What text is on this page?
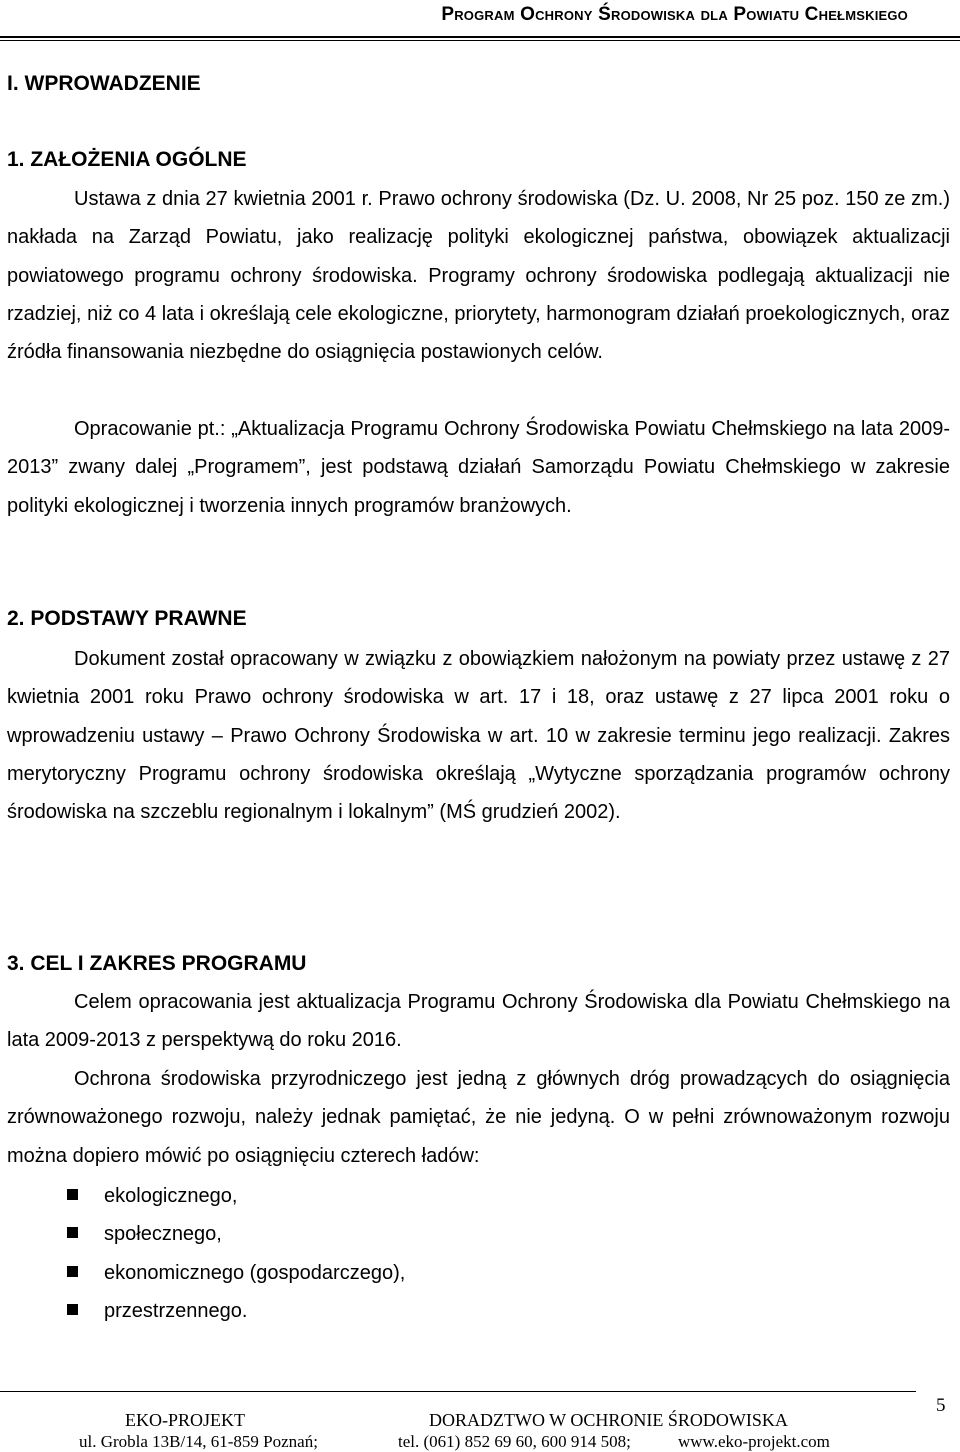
Program Ochrony Środowiska dla Powiatu Chełmskiego
I. WPROWADZENIE
1. ZAŁOŻENIA OGÓLNE

Ustawa z dnia 27 kwietnia 2001 r. Prawo ochrony środowiska (Dz. U. 2008, Nr 25 poz. 150 ze zm.) nakłada na Zarząd Powiatu, jako realizację polityki ekologicznej państwa, obowiązek aktualizacji powiatowego programu ochrony środowiska. Programy ochrony środowiska podlegają aktualizacji nie rzadziej, niż co 4 lata i określają cele ekologiczne, priorytety, harmonogram działań proekologicznych, oraz źródła finansowania niezbędne do osiągnięcia postawionych celów.

Opracowanie pt.: „Aktualizacja Programu Ochrony Środowiska Powiatu Chełmskiego na lata 2009-2013” zwany dalej „Programem”, jest podstawą działań Samorządu Powiatu Chełmskiego w zakresie polityki ekologicznej i tworzenia innych programów branżowych.

2. PODSTAWY PRAWNE

Dokument został opracowany w związku z obowiązkiem nałożonym na powiaty przez ustawę z 27 kwietnia 2001 roku Prawo ochrony środowiska w art. 17 i 18, oraz ustawę z 27 lipca 2001 roku o wprowadzeniu ustawy – Prawo Ochrony Środowiska w art. 10 w zakresie terminu jego realizacji. Zakres merytoryczny Programu ochrony środowiska określają „Wytyczne sporządzania programów ochrony środowiska na szczeblu regionalnym i lokalnym” (MŚ grudzień 2002).

3. CEL I ZAKRES PROGRAMU

Celem opracowania jest aktualizacja Programu Ochrony Środowiska dla Powiatu Chełmskiego na lata 2009-2013 z perspektywą do roku 2016.

Ochrona środowiska przyrodniczego jest jedną z głównych dróg prowadzących do osiągnięcia zrównoważonego rozwoju, należy jednak pamiętać, że nie jedyną. O w pełni zrównoważonym rozwoju można dopiero mówić po osiągnięciu czterech ładów:

ekologicznego,
społecznego,
ekonomicznego (gospodarczego),
przestrzennego.
5
EKO-PROJEKT	DORADZTWO W OCHRONIE ŚRODOWISKA
ul. Grobla 13B/14, 61-859 Poznań;	tel. (061) 852 69 60, 600 914 508;	www.eko-projekt.com
